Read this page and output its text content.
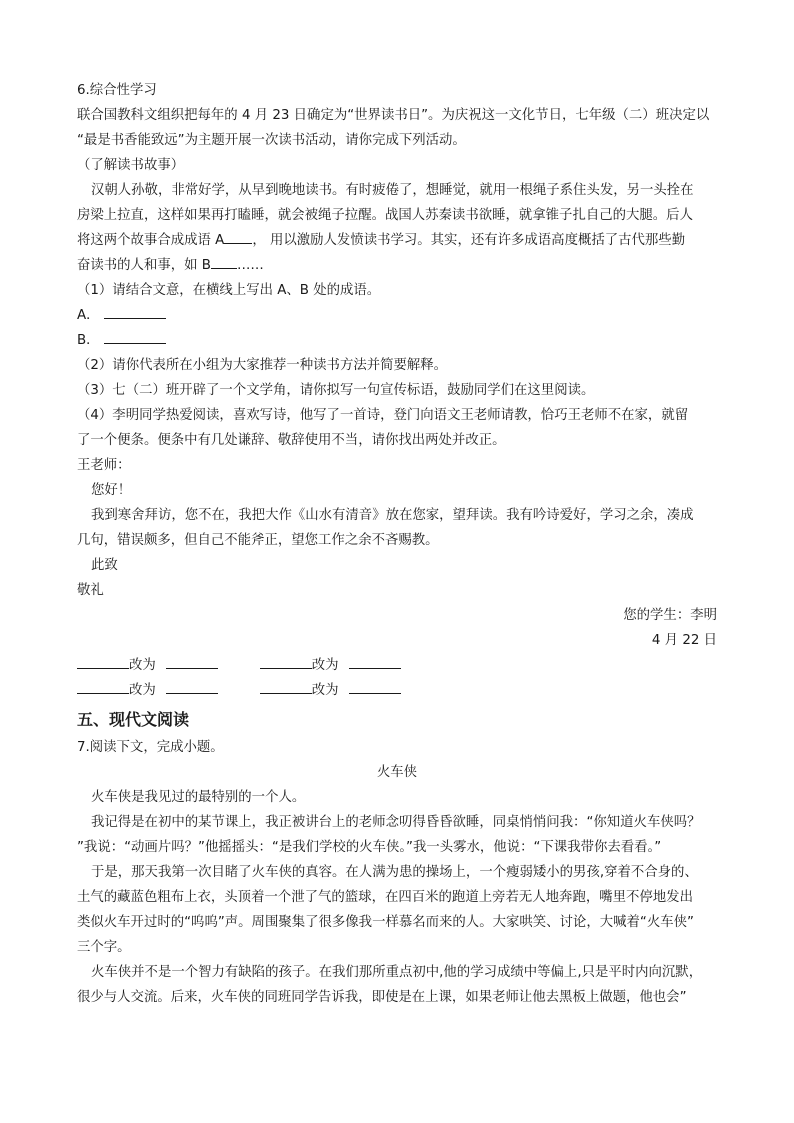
6.综合性学习
联合国教科文组织把每年的 4 月 23 日确定为“世界读书日”。为庆祝这一文化节日，七年级（二）班决定以
“最是书香能致远”为主题开展一次读书活动，请你完成下列活动。
（了解读书故事）
汉朝人孙敬，非常好学，从早到晚地读书。有时疲倦了，想睡觉，就用一根绳子系住头发，另一头拴在
房梁上拉直，这样如果再打瞌睡，就会被绳子拉醒。战国人苏秦读书欲睡，就拿锥子扎自己的大腿。后人
将这两个故事合成成语 A ， 用以激励人发愤读书学习。其实，还有许多成语高度概括了古代那些勤
奋读书的人和事，如 B ……
（1）请结合文意，在横线上写出 A、B 处的成语。
A．
B．
（2）请你代表所在小组为大家推荐一种读书方法并简要解释。
（3）七（二）班开辟了一个文学角，请你拟写一句宣传标语，鼓励同学们在这里阅读。
（4）李明同学热爱阅读，喜欢写诗，他写了一首诗，登门向语文王老师请教，恰巧王老师不在家，就留
了一个便条。便条中有几处谦辞、敬辞使用不当，请你找出两处并改正。
王老师：
您好！
我到寒舍拜访，您不在，我把大作《山水有清音》放在您家，望拜读。我有吟诗爱好，学习之余，凑成
几句，错误颇多，但自己不能斧正，望您工作之余不吝赐教。
此致
敬礼
您的学生：李明
4 月 22 日
改为	改为
改为	改为
五、现代文阅读
7.阅读下文，完成小题。
火车侠
火车侠是我见过的最特别的一个人。
我记得是在初中的某节课上，我正被讲台上的老师念叨得昏昏欲睡，同桌悄悄问我：“你知道火车侠吗？
”我说：“动画片吗？”他摇摇头：“是我们学校的火车侠。”我一头雾水，他说：“下课我带你去看看。”
于是，那天我第一次目睹了火车侠的真容。在人满为患的操场上，一个瘦弱矮小的男孩,穿着不合身的、
土气的藏蓝色粗布上衣，头顶着一个泄了气的篮球，在四百米的跑道上旁若无人地奔跑，嘴里不停地发出
类似火车开过时的“呜呜”声。周围聚集了很多像我一样慕名而来的人。大家哄笑、讨论，大喊着“火车侠”
三个字。
火车侠并不是一个智力有缺陷的孩子。在我们那所重点初中,他的学习成绩中等偏上,只是平时内向沉默，
很少与人交流。后来，火车侠的同班同学告诉我，即使是在上课，如果老师让他去黑板上做题，他也会”
